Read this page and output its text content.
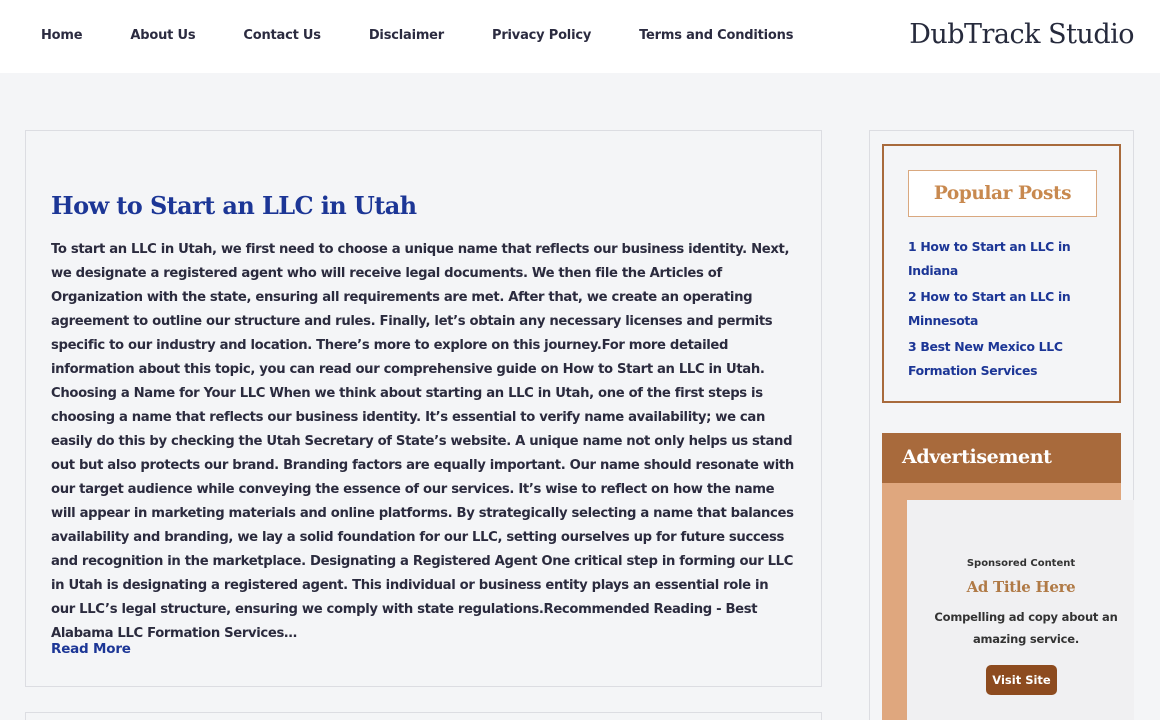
Home	About Us	Contact Us	Disclaimer	Privacy Policy	Terms and Conditions	DubTrack Studio
How to Start an LLC in Utah

To start an LLC in Utah, we first need to choose a unique name that reflects our business identity. Next, we designate a registered agent who will receive legal documents. We then file the Articles of Organization with the state, ensuring all requirements are met. After that, we create an operating agreement to outline our structure and rules. Finally, let’s obtain any necessary licenses and permits specific to our industry and location. There’s more to explore on this journey.For more detailed information about this topic, you can read our comprehensive guide on How to Start an LLC in Utah. Choosing a Name for Your LLC When we think about starting an LLC in Utah, one of the first steps is choosing a name that reflects our business identity. It’s essential to verify name availability; we can easily do this by checking the Utah Secretary of State’s website. A unique name not only helps us stand out but also protects our brand. Branding factors are equally important. Our name should resonate with our target audience while conveying the essence of our services. It’s wise to reflect on how the name will appear in marketing materials and online platforms. By strategically selecting a name that balances availability and branding, we lay a solid foundation for our LLC, setting ourselves up for future success and recognition in the marketplace. Designating a Registered Agent One critical step in forming our LLC in Utah is designating a registered agent. This individual or business entity plays an essential role in our LLC’s legal structure, ensuring we comply with state regulations.Recommended Reading - Best Alabama LLC Formation Services…

Read More
Popular Posts
1 How to Start an LLC in Indiana
2 How to Start an LLC in Minnesota
3 Best New Mexico LLC Formation Services
Advertisement
Sponsored Content
Ad Title Here
Compelling ad copy about an amazing service.
Visit Site
